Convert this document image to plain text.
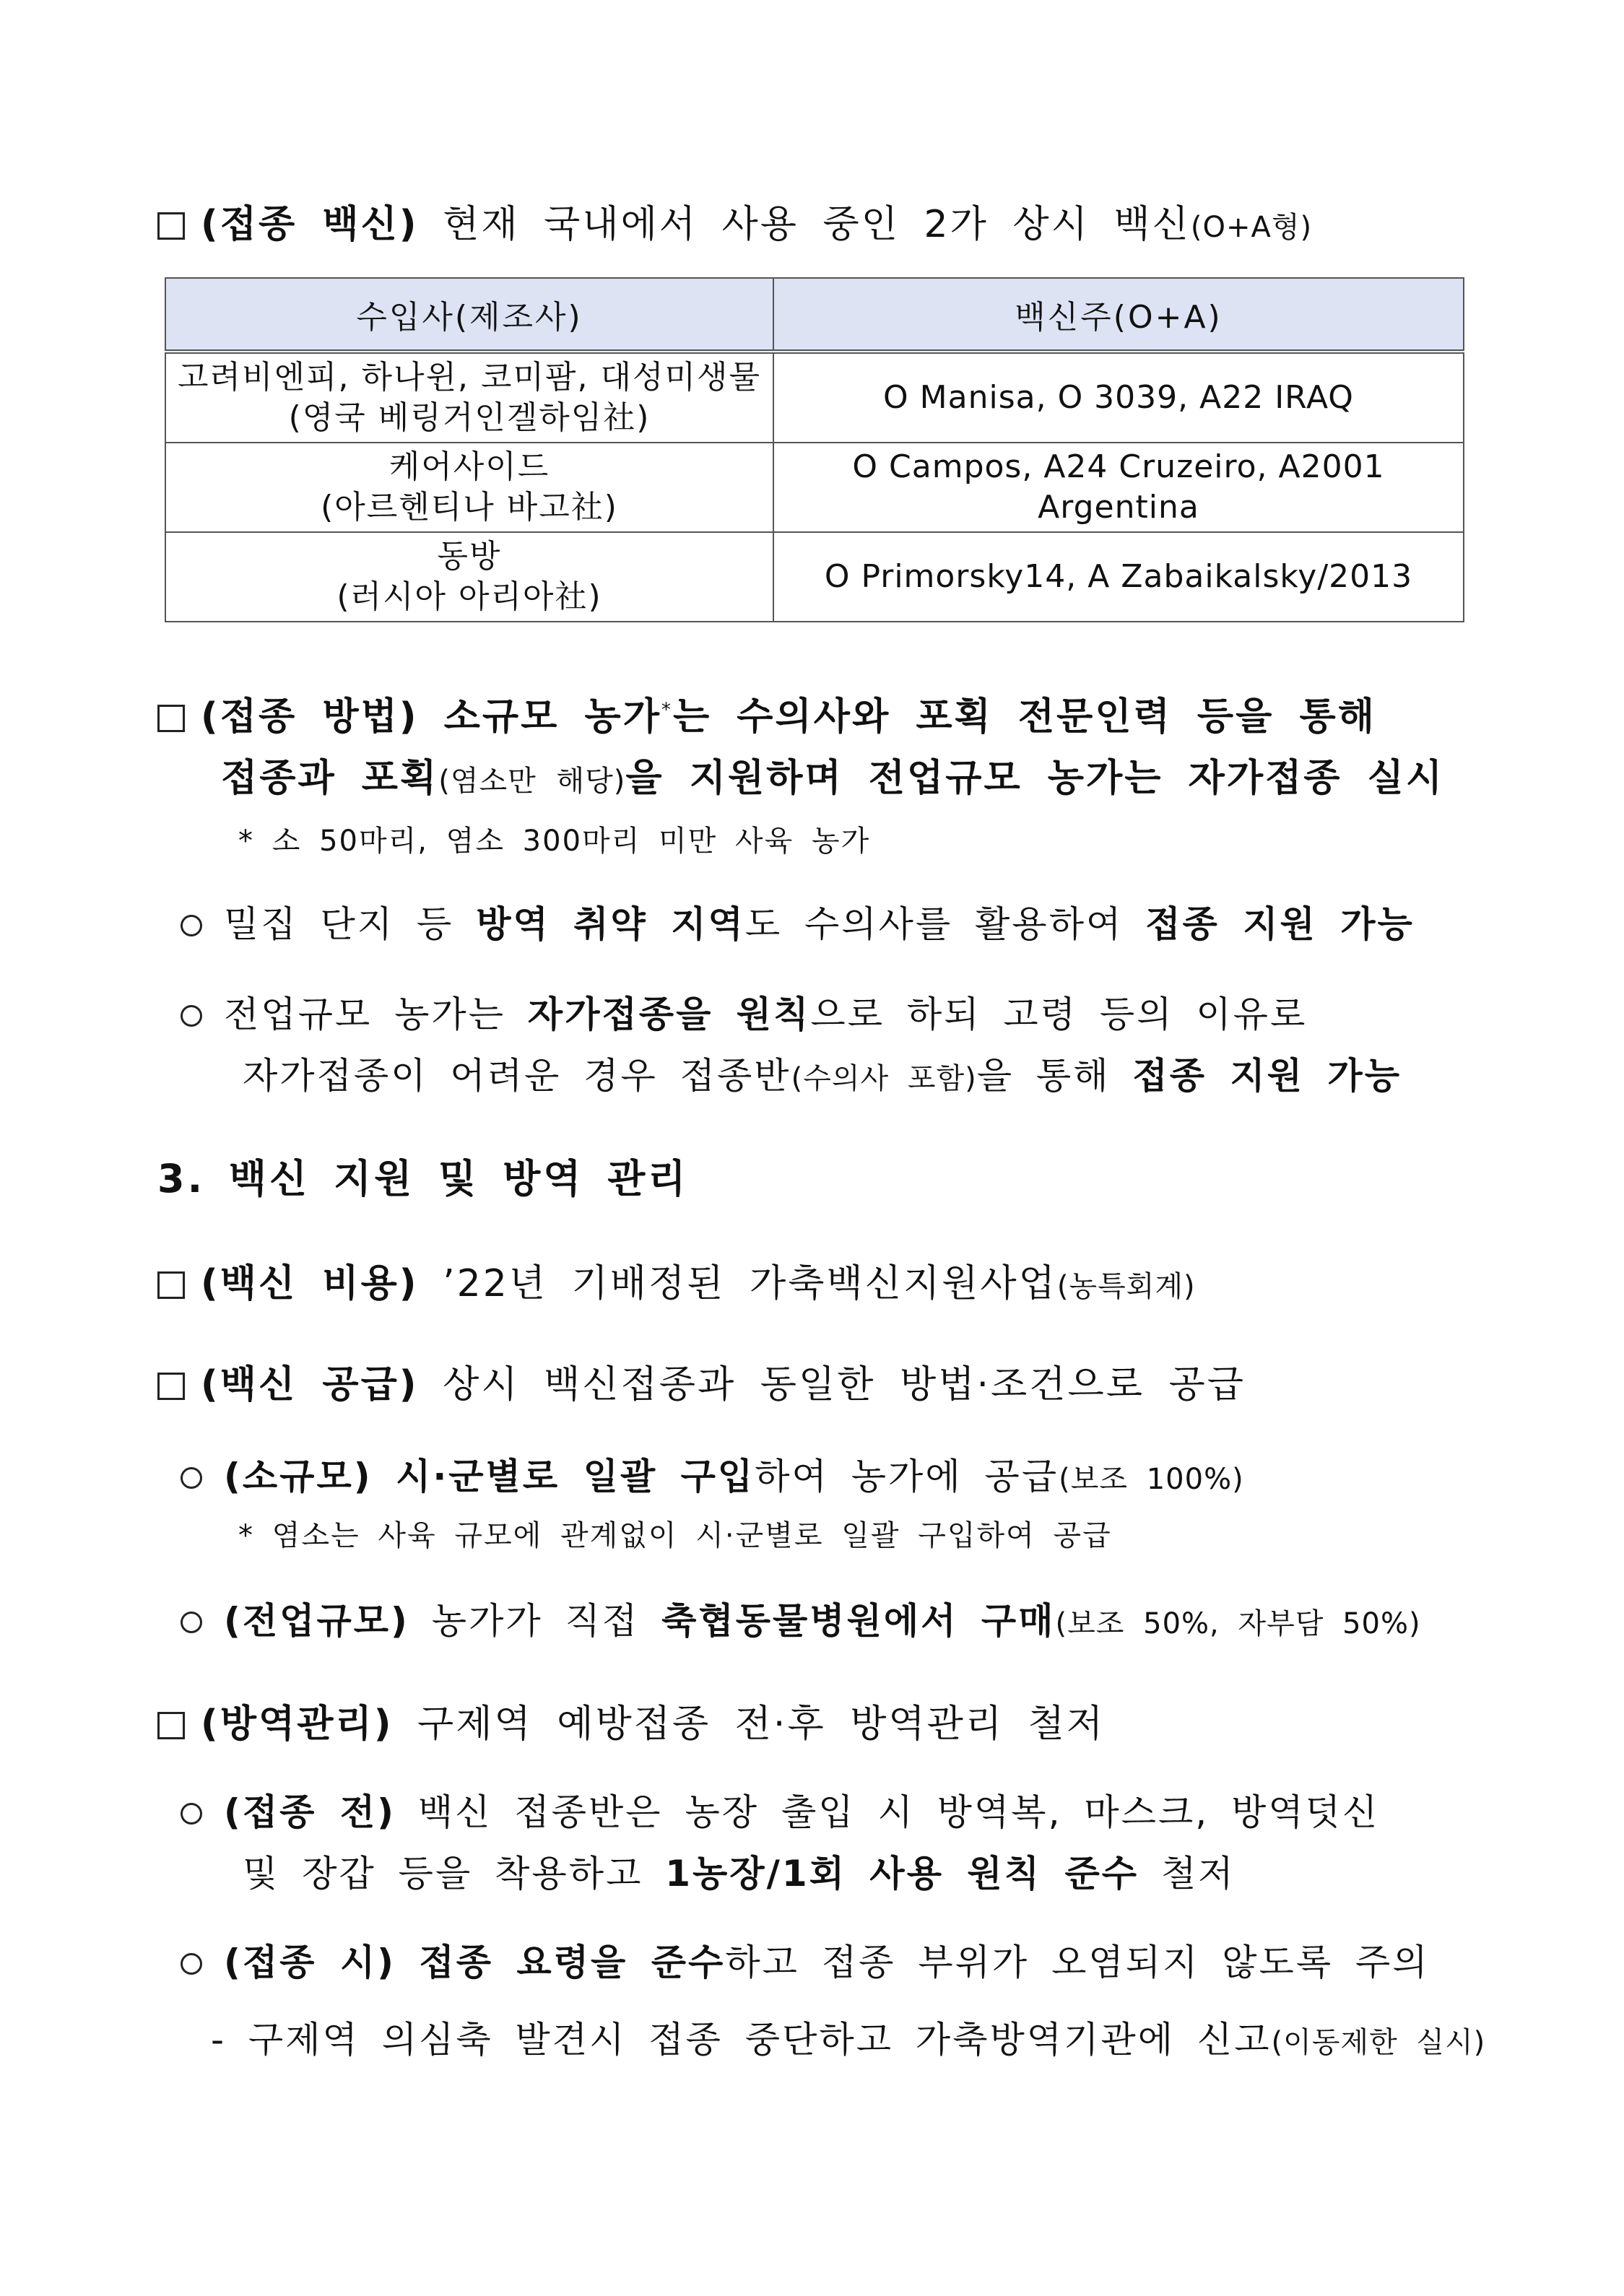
(접종 백신) 현재 국내에서 사용 중인 2가 상시 백신(O+A형)
수입사(제조사)	백신주(O+A)

고려비엔피, 하나윈, 코미팜, 대성미생물
(영국 베링거인겔하임社)	O Manisa, O 3039, A22 IRAQ

케어사이드
(아르헨티나 바고社)	O Campos, A24 Cruzeiro, A2001 Argentina

동방
(러시아 아리아社)	O Primorsky14, A Zabaikalsky/2013
(접종 방법) 소규모 농가*는 수의사와 포획 전문인력 등을 통해
접종과 포획(염소만 해당)을 지원하며 전업규모 농가는 자가접종 실시
* 소 50마리, 염소 300마리 미만 사육 농가
밀집 단지 등 방역 취약 지역도 수의사를 활용하여 접종 지원 가능
전업규모 농가는 자가접종을 원칙으로 하되 고령 등의 이유로
자가접종이 어려운 경우 접종반(수의사 포함)을 통해 접종 지원 가능
3. 백신 지원 및 방역 관리
(백신 비용) ’22년 기배정된 가축백신지원사업(농특회계)
(백신 공급) 상시 백신접종과 동일한 방법·조건으로 공급
(소규모) 시·군별로 일괄 구입하여 농가에 공급(보조 100%)
* 염소는 사육 규모에 관계없이 시·군별로 일괄 구입하여 공급
(전업규모) 농가가 직접 축협동물병원에서 구매(보조 50%, 자부담 50%)
(방역관리) 구제역 예방접종 전·후 방역관리 철저
(접종 전) 백신 접종반은 농장 출입 시 방역복, 마스크, 방역덧신
및 장갑 등을 착용하고 1농장/1회 사용 원칙 준수 철저
(접종 시) 접종 요령을 준수하고 접종 부위가 오염되지 않도록 주의
- 구제역 의심축 발견시 접종 중단하고 가축방역기관에 신고(이동제한 실시)
